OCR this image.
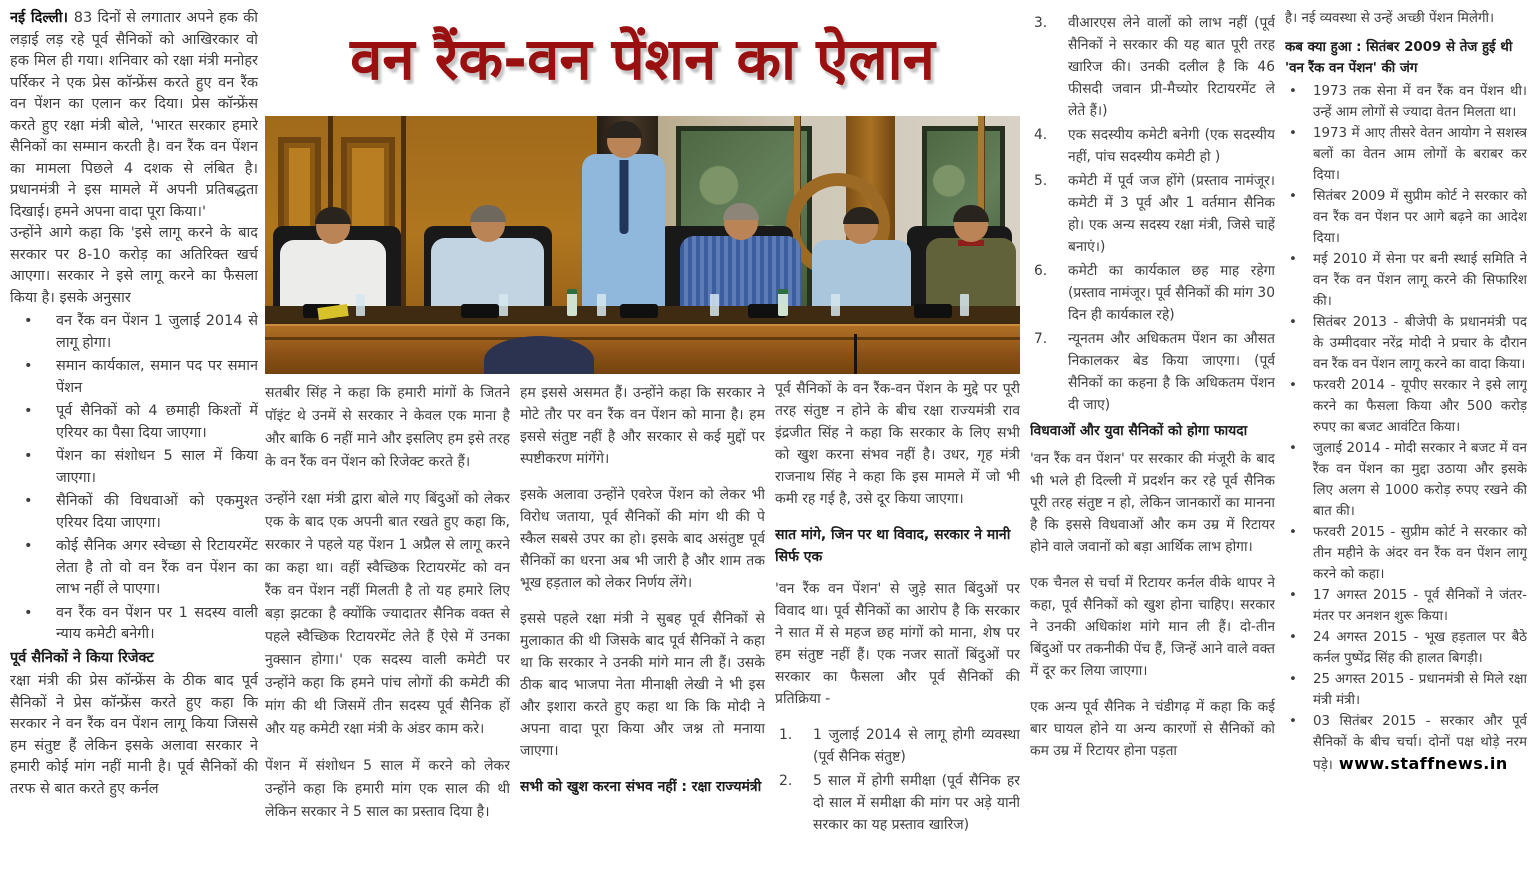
नई दिल्ली। 83 दिनों से लगातार अपने हक की लड़ाई लड़ रहे पूर्व सैनिकों को आखिरकार वो हक मिल ही गया। शनिवार को रक्षा मंत्री मनोहर पर्रिकर ने एक प्रेस कॉन्फ्रेंस करते हुए वन रैंक वन पेंशन का एलान कर दिया। प्रेस कॉन्फ्रेंस करते हुए रक्षा मंत्री बोले, 'भारत सरकार हमारे सैनिकों का सम्मान करती है। वन रैंक वन पेंशन का मामला पिछले 4 दशक से लंबित है। प्रधानमंत्री ने इस मामले में अपनी प्रतिबद्धता दिखाई। हमने अपना वादा पूरा किया।'

उन्होंने आगे कहा कि 'इसे लागू करने के बाद सरकार पर 8-10 करोड़ का अतिरिक्त खर्च आएगा। सरकार ने इसे लागू करने का फैसला किया है। इसके अनुसार

• वन रैंक वन पेंशन 1 जुलाई 2014 से लागू होगा।
• समान कार्यकाल, समान पद पर समान पेंशन
• पूर्व सैनिकों को 4 छमाही किश्तों में एरियर का पैसा दिया जाएगा।
• पेंशन का संशोधन 5 साल में किया जाएगा।
• सैनिकों की विधवाओं को एकमुश्त एरियर दिया जाएगा।
• कोई सैनिक अगर स्वेच्छा से रिटायरमेंट लेता है तो वो वन रैंक वन पेंशन का लाभ नहीं ले पाएगा।
• वन रैंक वन पेंशन पर 1 सदस्य वाली न्याय कमेटी बनेगी।

पूर्व सैनिकों ने किया रिजेक्ट

रक्षा मंत्री की प्रेस कॉन्फ्रेंस के ठीक बाद पूर्व सैनिकों ने प्रेस कॉन्फ्रेंस करते हुए कहा कि सरकार ने वन रैंक वन पेंशन लागू किया जिससे हम संतुष्ट हैं लेकिन इसके अलावा सरकार ने हमारी कोई मांग नहीं मानी है। पूर्व सैनिकों की तरफ से बात करते हुए कर्नल

वन रैंक-वन पेंशन का ऐलान

सतबीर सिंह ने कहा कि हमारी मांगों के जितने पॉइंट थे उनमें से सरकार ने केवल एक माना है और बाकि 6 नहीं माने और इसलिए हम इसे तरह के वन रैंक वन पेंशन को रिजेक्ट करते हैं।

उन्होंने रक्षा मंत्री द्वारा बोले गए बिंदुओं को लेकर एक के बाद एक अपनी बात रखते हुए कहा कि, सरकार ने पहले यह पेंशन 1 अप्रैल से लागू करने का कहा था। वहीं स्वैच्छिक रिटायरमेंट को वन रैंक वन पेंशन नहीं मिलती है तो यह हमारे लिए बड़ा झटका है क्योंकि ज्यादातर सैनिक वक्त से पहले स्वैच्छिक रिटायरमेंट लेते हैं ऐसे में उनका नुक्सान होगा।' एक सदस्य वाली कमेटी पर उन्होंने कहा कि हमने पांच लोगों की कमेटी की मांग की थी जिसमें तीन सदस्य पूर्व सैनिक हों और यह कमेटी रक्षा मंत्री के अंडर काम करे।

पेंशन में संशोधन 5 साल में करने को लेकर उन्होंने कहा कि हमारी मांग एक साल की थी लेकिन सरकार ने 5 साल का प्रस्ताव दिया है।

हम इससे असमत हैं। उन्होंने कहा कि सरकार ने मोटे तौर पर वन रैंक वन पेंशन को माना है। हम इससे संतुष्ट नहीं है और सरकार से कई मुद्दों पर स्पष्टीकरण मांगेंगे।

इसके अलावा उन्होंने एवरेज पेंशन को लेकर भी विरोध जताया, पूर्व सैनिकों की मांग थी की पे स्कैल सबसे उपर का हो। इसके बाद असंतुष्ट पूर्व सैनिकों का धरना अब भी जारी है और शाम तक भूख हड़ताल को लेकर निर्णय लेंगे।

इससे पहले रक्षा मंत्री ने सुबह पूर्व सैनिकों से मुलाकात की थी जिसके बाद पूर्व सैनिकों ने कहा था कि सरकार ने उनकी मांगे मान ली हैं। उसके ठीक बाद भाजपा नेता मीनाक्षी लेखी ने भी इस और इशारा करते हुए कहा था कि कि मोदी ने अपना वादा पूरा किया और जश्न तो मनाया जाएगा।

सभी को खुश करना संभव नहीं : रक्षा राज्यमंत्री

पूर्व सैनिकों के वन रैंक-वन पेंशन के मुद्दे पर पूरी तरह संतुष्ट न होने के बीच रक्षा राज्यमंत्री राव इंद्रजीत सिंह ने कहा कि सरकार के लिए सभी को खुश करना संभव नहीं है। उधर, गृह मंत्री राजनाथ सिंह ने कहा कि इस मामले में जो भी कमी रह गई है, उसे दूर किया जाएगा।

सात मांगे, जिन पर था विवाद, सरकार ने मानी सिर्फ एक

'वन रैंक वन पेंशन' से जुड़े सात बिंदुओं पर विवाद था। पूर्व सैनिकों का आरोप है कि सरकार ने सात में से महज छह मांगों को माना, शेष पर हम संतुष्ट नहीं हैं। एक नजर सातों बिंदुओं पर सरकार का फैसला और पूर्व सैनिकों की प्रतिक्रिया -

1. 1 जुलाई 2014 से लागू होगी व्यवस्था (पूर्व सैनिक संतुष्ट)
2. 5 साल में होगी समीक्षा (पूर्व सैनिक हर दो साल में समीक्षा की मांग पर अड़े यानी सरकार का यह प्रस्ताव खारिज)
3. वीआरएस लेने वालों को लाभ नहीं (पूर्व सैनिकों ने सरकार की यह बात पूरी तरह खारिज की। उनकी दलील है कि 46 फीसदी जवान प्री-मैच्योर रिटायरमेंट ले लेते हैं।)
4. एक सदस्यीय कमेटी बनेगी (एक सदस्यीय नहीं, पांच सदस्यीय कमेटी हो )
5. कमेटी में पूर्व जज होंगे (प्रस्ताव नामंजूर। कमेटी में 3 पूर्व और 1 वर्तमान सैनिक हो। एक अन्य सदस्य रक्षा मंत्री, जिसे चाहें बनाएं।)
6. कमेटी का कार्यकाल छह माह रहेगा (प्रस्ताव नामंजूर। पूर्व सैनिकों की मांग 30 दिन ही कार्यकाल रहे)
7. न्यूनतम और अधिकतम पेंशन का औसत निकालकर बेड किया जाएगा। (पूर्व सैनिकों का कहना है कि अधिकतम पेंशन दी जाए)

विधवाओं और युवा सैनिकों को होगा फायदा

'वन रैंक वन पेंशन' पर सरकार की मंजूरी के बाद भी भले ही दिल्ली में प्रदर्शन कर रहे पूर्व सैनिक पूरी तरह संतुष्ट न हो, लेकिन जानकारों का मानना है कि इससे विधवाओं और कम उम्र में रिटायर होने वाले जवानों को बड़ा आर्थिक लाभ होगा।

एक चैनल से चर्चा में रिटायर कर्नल वीके थापर ने कहा, पूर्व सैनिकों को खुश होना चाहिए। सरकार ने उनकी अधिकांश मांगे मान ली हैं। दो-तीन बिंदुओं पर तकनीकी पेंच हैं, जिन्हें आने वाले वक्त में दूर कर लिया जाएगा।

एक अन्य पूर्व सैनिक ने चंडीगढ़ में कहा कि कई बार घायल होने या अन्य कारणों से सैनिकों को कम उम्र में रिटायर होना पड़ता

है। नई व्यवस्था से उन्हें अच्छी पेंशन मिलेगी।

कब क्या हुआ : सितंबर 2009 से तेज हुई थी 'वन रैंक वन पेंशन' की जंग

• 1973 तक सेना में वन रैंक वन पेंशन थी। उन्हें आम लोगों से ज्यादा वेतन मिलता था।
• 1973 में आए तीसरे वेतन आयोग ने सशस्त्र बलों का वेतन आम लोगों के बराबर कर दिया।
• सितंबर 2009 में सुप्रीम कोर्ट ने सरकार को वन रैंक वन पेंशन पर आगे बढ़ने का आदेश दिया।
• मई 2010 में सेना पर बनी स्थाई समिति ने वन रैंक वन पेंशन लागू करने की सिफारिश की।
• सितंबर 2013 - बीजेपी के प्रधानमंत्री पद के उम्मीदवार नरेंद्र मोदी ने प्रचार के दौरान वन रैंक वन पेंशन लागू करने का वादा किया।
• फरवरी 2014 - यूपीए सरकार ने इसे लागू करने का फैसला किया और 500 करोड़ रुपए का बजट आवंटित किया।
• जुलाई 2014 - मोदी सरकार ने बजट में वन रैंक वन पेंशन का मुद्दा उठाया और इसके लिए अलग से 1000 करोड़ रुपए रखने की बात की।
• फरवरी 2015 - सुप्रीम कोर्ट ने सरकार को तीन महीने के अंदर वन रैंक वन पेंशन लागू करने को कहा।
• 17 अगस्त 2015 - पूर्व सैनिकों ने जंतर-मंतर पर अनशन शुरू किया।
• 24 अगस्त 2015 - भूख हड़ताल पर बैठे कर्नल पुष्पेंद्र सिंह की हालत बिगड़ी।
• 25 अगस्त 2015 - प्रधानमंत्री से मिले रक्षा मंत्री मंत्री।
• 03 सितंबर 2015 - सरकार और पूर्व सैनिकों के बीच चर्चा। दोनों पक्ष थोड़े नरम पड़े। www.staffnews.in
